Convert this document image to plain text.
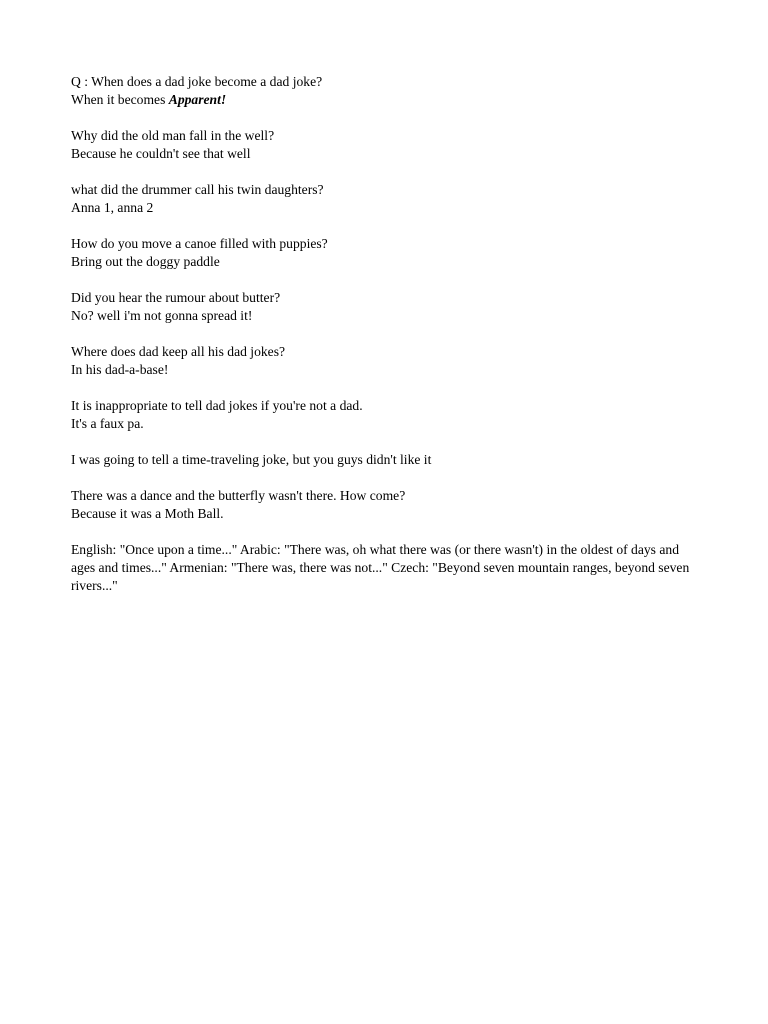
Q : When does a dad joke become a dad joke?
When it becomes Apparent!
Why did the old man fall in the well?
Because he couldn't see that well
what did the drummer call his twin daughters?
Anna 1, anna 2
How do you move a canoe filled with puppies?
Bring out the doggy paddle
Did you hear the rumour about butter?
No? well i'm not gonna spread it!
Where does dad keep all his dad jokes?
In his dad-a-base!
It is inappropriate to tell dad jokes if you're not a dad.
It's a faux pa.
I was going to tell a time-traveling joke, but you guys didn't like it
There was a dance and the butterfly wasn't there. How come?
Because it was a Moth Ball.
English: "Once upon a time..." Arabic: "There was, oh what there was (or there wasn't) in the oldest of days and ages and times..." Armenian: "There was, there was not..." Czech: "Beyond seven mountain ranges, beyond seven rivers..."
